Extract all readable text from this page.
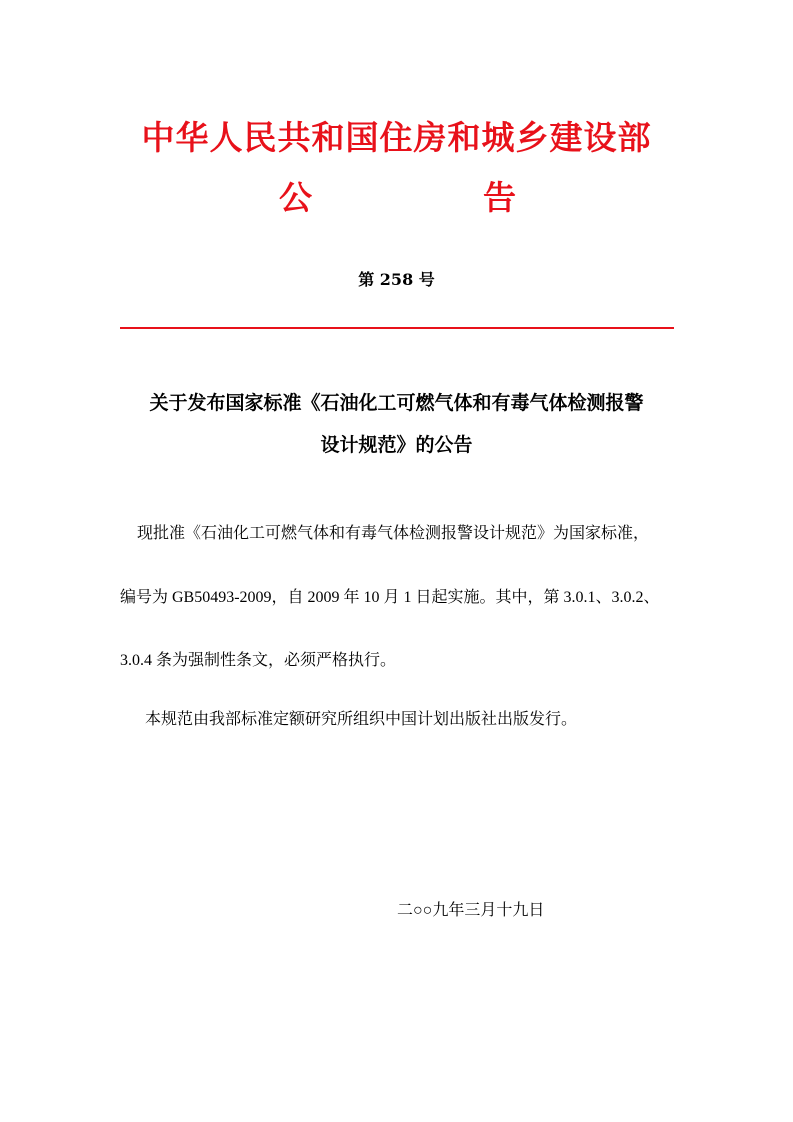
中华人民共和国住房和城乡建设部
公	告
第 258 号
关于发布国家标准《石油化工可燃气体和有毒气体检测报警
设计规范》的公告
现批准《石油化工可燃气体和有毒气体检测报警设计规范》为国家标准，
编号为 GB50493-2009，自 2009 年 10 月 1 日起实施。其中，第 3.0.1、3.0.2、
3.0.4 条为强制性条文，必须严格执行。
本规范由我部标准定额研究所组织中国计划出版社出版发行。
二○○九年三月十九日
